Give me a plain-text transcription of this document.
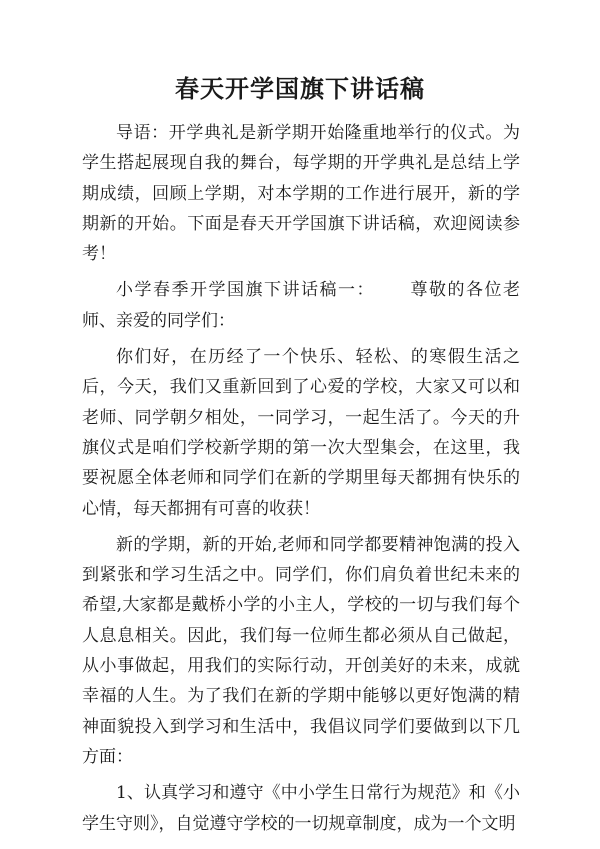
春天开学国旗下讲话稿

导语：开学典礼是新学期开始隆重地举行的仪式。为学生搭起展现自我的舞台，每学期的开学典礼是总结上学期成绩，回顾上学期，对本学期的工作进行展开，新的学期新的开始。下面是春天开学国旗下讲话稿，欢迎阅读参考！

小学春季开学国旗下讲话稿一： 尊敬的各位老师、亲爱的同学们：

你们好，在历经了一个快乐、轻松、的寒假生活之后，今天，我们又重新回到了心爱的学校，大家又可以和老师、同学朝夕相处，一同学习，一起生活了。今天的升旗仪式是咱们学校新学期的第一次大型集会，在这里，我要祝愿全体老师和同学们在新的学期里每天都拥有快乐的心情，每天都拥有可喜的收获！

新的学期，新的开始,老师和同学都要精神饱满的投入到紧张和学习生活之中。同学们，你们肩负着世纪未来的希望,大家都是戴桥小学的小主人，学校的一切与我们每个人息息相关。因此，我们每一位师生都必须从自己做起，从小事做起，用我们的实际行动，开创美好的未来，成就幸福的人生。为了我们在新的学期中能够以更好饱满的精神面貌投入到学习和生活中，我倡议同学们要做到以下几方面：

1、认真学习和遵守《中小学生日常行为规范》和《小学生守则》，自觉遵守学校的一切规章制度，成为一个文明
